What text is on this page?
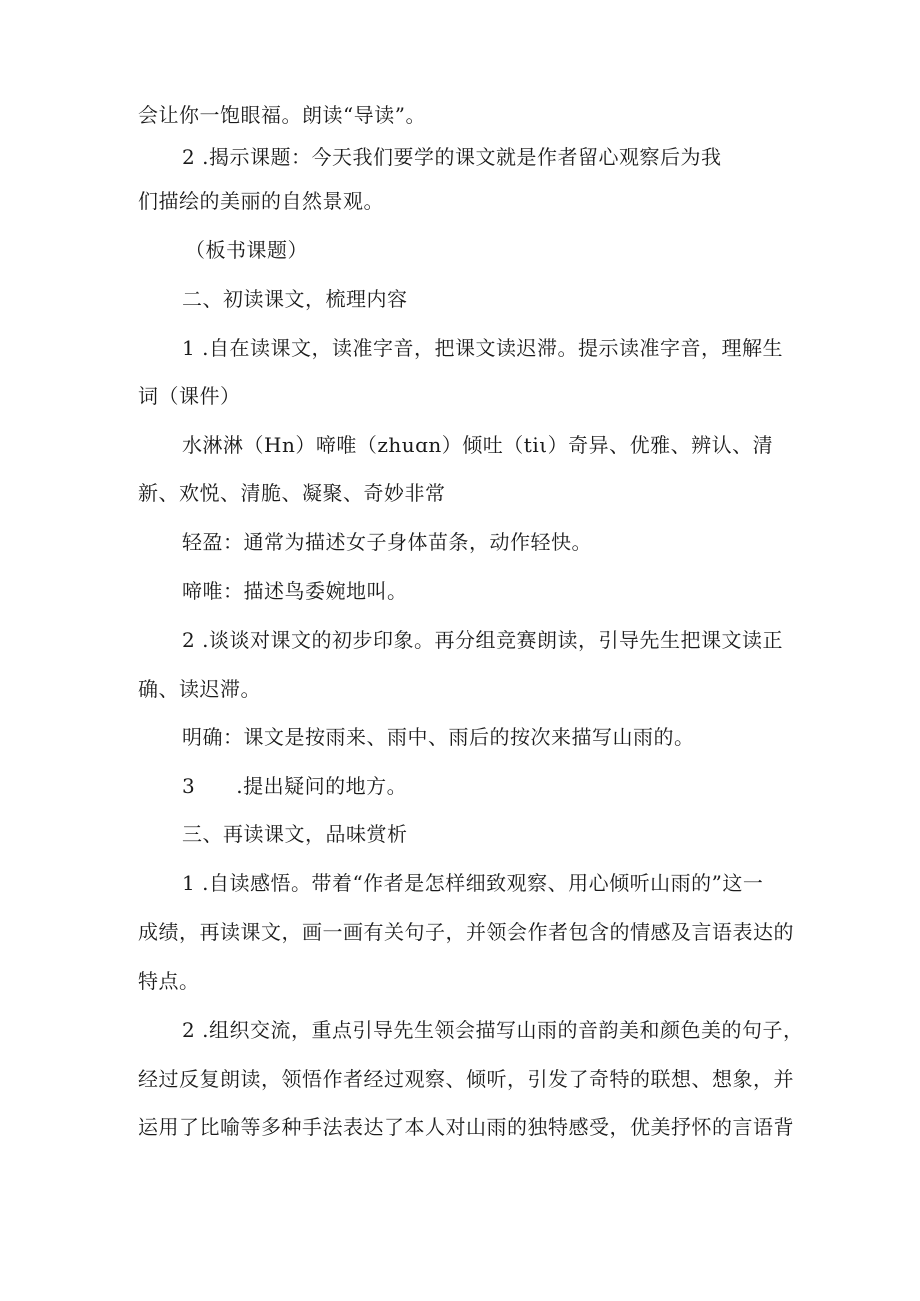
会让你一饱眼福。朗读“导读”。
2 .揭示课题：今天我们要学的课文就是作者留心观察后为我
们描绘的美丽的自然景观。
（板书课题）
二、初读课文，梳理内容
1 .自在读课文，读准字音，把课文读迟滞。提示读准字音，理解生
词（课件）
水淋淋（Hn）啼唯（zhuɑn）倾吐（tiι）奇异、优雅、辨认、清
新、欢悦、清脆、凝聚、奇妙非常
轻盈：通常为描述女子身体苗条，动作轻快。
啼唯：描述鸟委婉地叫。
2 .谈谈对课文的初步印象。再分组竞赛朗读，引导先生把课文读正
确、读迟滞。
明确：课文是按雨来、雨中、雨后的按次来描写山雨的。
3  .提出疑问的地方。
三、再读课文，品味赏析
1 .自读感悟。带着“作者是怎样细致观察、用心倾听山雨的”这一
成绩，再读课文，画一画有关句子，并领会作者包含的情感及言语表达的
特点。
2 .组织交流，重点引导先生领会描写山雨的音韵美和颜色美的句子，
经过反复朗读，领悟作者经过观察、倾听，引发了奇特的联想、想象，并
运用了比喻等多种手法表达了本人对山雨的独特感受，优美抒怀的言语背
